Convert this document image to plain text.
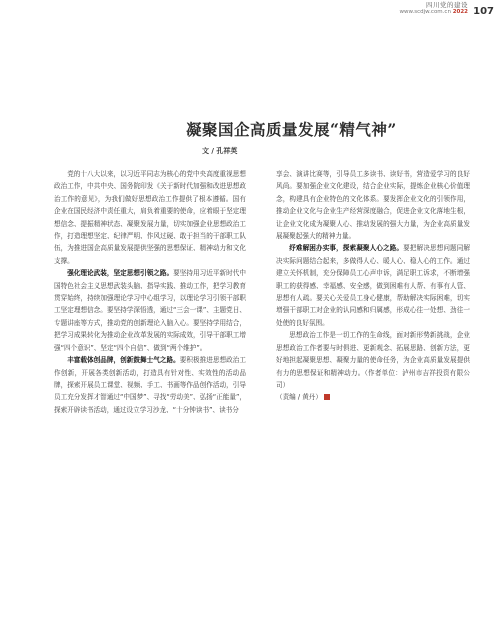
四川党的建设
www.scdjw.com.cn 2022 107
凝聚国企高质量发展“精气神”
文 / 孔祥英

党的十八大以来，以习近平同志为核心的党中央高度重视思想政治工作，中共中央、国务院印发《关于新时代加强和改进思想政治工作的意见》，为我们做好思想政治工作提供了根本遵循。国有企业在国民经济中责任重大，肩负着重要的使命，应着眼于坚定理想信念、提振精神状态、凝聚发展力量，切实加强企业思想政治工作，打造理想坚定、纪律严明、作风过硬、敢于担当的干部职工队伍，为推进国企高质量发展提供坚强的思想保证、精神动力和文化支撑。

强化理论武装，坚定思想引领之路。要坚持用习近平新时代中国特色社会主义思想武装头脑、指导实践、推动工作，把学习教育贯穿始终，持续加强理论学习中心组学习，以理论学习引领干部职工坚定理想信念。要坚持学深悟透，通过“三会一课”、主题党日、专题讲座等方式，推动党的创新理论入脑入心。要坚持学用结合，把学习成果转化为推动企业改革发展的实际成效，引导干部职工增强“四个意识”、坚定“四个自信”、做到“两个维护”。

丰富载体创品牌，创新鼓舞士气之路。要积极推进思想政治工作创新，开展各类创新活动，打造具有针对性、实效性的活动品牌，探索开展员工课堂、视频、手工、书画等作品创作活动，引导员工充分发挥才智通过“中国梦”、寻找“劳动美”、弘扬“正能量”，探索开辟读书活动，通过设立学习沙龙、“十分钟读书”、读书分

享会、演讲比赛等，引导员工多读书、读好书，营造爱学习的良好风尚。要加强企业文化建设，结合企业实际，提炼企业核心价值理念，构建具有企业特色的文化体系。要发挥企业文化的引领作用，推动企业文化与企业生产经营深度融合，促进企业文化落地生根，让企业文化成为凝聚人心、推动发展的强大力量，为企业高质量发展凝聚起强大的精神力量。

纾难解困办实事，探索凝聚人心之路。要把解决思想问题同解决实际问题结合起来，多做得人心、暖人心、稳人心的工作。通过建立关怀机制，充分保障员工心声申诉，满足职工诉求，不断增强职工的获得感、幸福感、安全感，做到困难有人帮、有事有人管、思想有人疏。要关心关爱员工身心健康，帮助解决实际困难，切实增强干部职工对企业的认同感和归属感，形成心往一处想、劲往一处使的良好氛围。

思想政治工作是一切工作的生命线，面对新形势新挑战，企业思想政治工作者要与时俱进、更新观念、拓展思路、创新方法，更好地担起凝聚思想、凝聚力量的使命任务，为企业高质量发展提供有力的思想保证和精神动力。（作者单位：泸州市吉祥投资有限公司）

（责编 / 黄丹）
